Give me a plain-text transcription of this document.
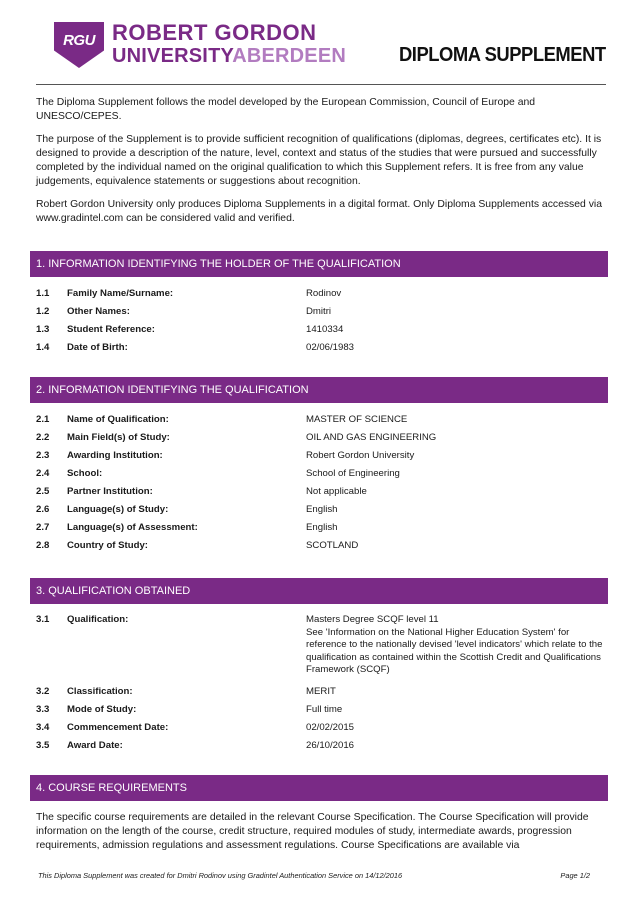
RGU ROBERT GORDON
UNIVERSITYABERDEEN	DIPLOMA SUPPLEMENT

The Diploma Supplement follows the model developed by the European Commission, Council of Europe and UNESCO/CEPES.

The purpose of the Supplement is to provide sufficient recognition of qualifications (diplomas, degrees, certificates etc). It is designed to provide a description of the nature, level, context and status of the studies that were pursued and successfully completed by the individual named on the original qualification to which this Supplement refers. It is free from any value judgements, equivalence statements or suggestions about recognition.

Robert Gordon University only produces Diploma Supplements in a digital format. Only Diploma Supplements accessed via www.gradintel.com can be considered valid and verified.

1. INFORMATION IDENTIFYING THE HOLDER OF THE QUALIFICATION
1.1 Family Name/Surname:	Rodinov
1.2 Other Names:	Dmitri
1.3 Student Reference:	1410334
1.4 Date of Birth:	02/06/1983
2. INFORMATION IDENTIFYING THE QUALIFICATION
2.1 Name of Qualification:	MASTER OF SCIENCE
2.2 Main Field(s) of Study:	OIL AND GAS ENGINEERING
2.3 Awarding Institution:	Robert Gordon University
2.4 School:	School of Engineering
2.5 Partner Institution:	Not applicable
2.6 Language(s) of Study:	English
2.7 Language(s) of Assessment:	English
2.8 Country of Study:	SCOTLAND
3. QUALIFICATION OBTAINED
3.1 Qualification:	Masters Degree SCQF level 11
See 'Information on the National Higher Education System' for reference to the nationally devised 'level indicators' which relate to the qualification as contained within the Scottish Credit and Qualifications Framework (SCQF)
3.2 Classification:	MERIT
3.3 Mode of Study:	Full time
3.4 Commencement Date:	02/02/2015
3.5 Award Date:	26/10/2016
4. COURSE REQUIREMENTS
The specific course requirements are detailed in the relevant Course Specification. The Course Specification will provide information on the length of the course, credit structure, required modules of study, intermediate awards, progression requirements, admission regulations and assessment regulations. Course Specifications are available via
This Diploma Supplement was created for Dmitri Rodinov using Gradintel Authentication Service on 14/12/2016	Page 1/2
